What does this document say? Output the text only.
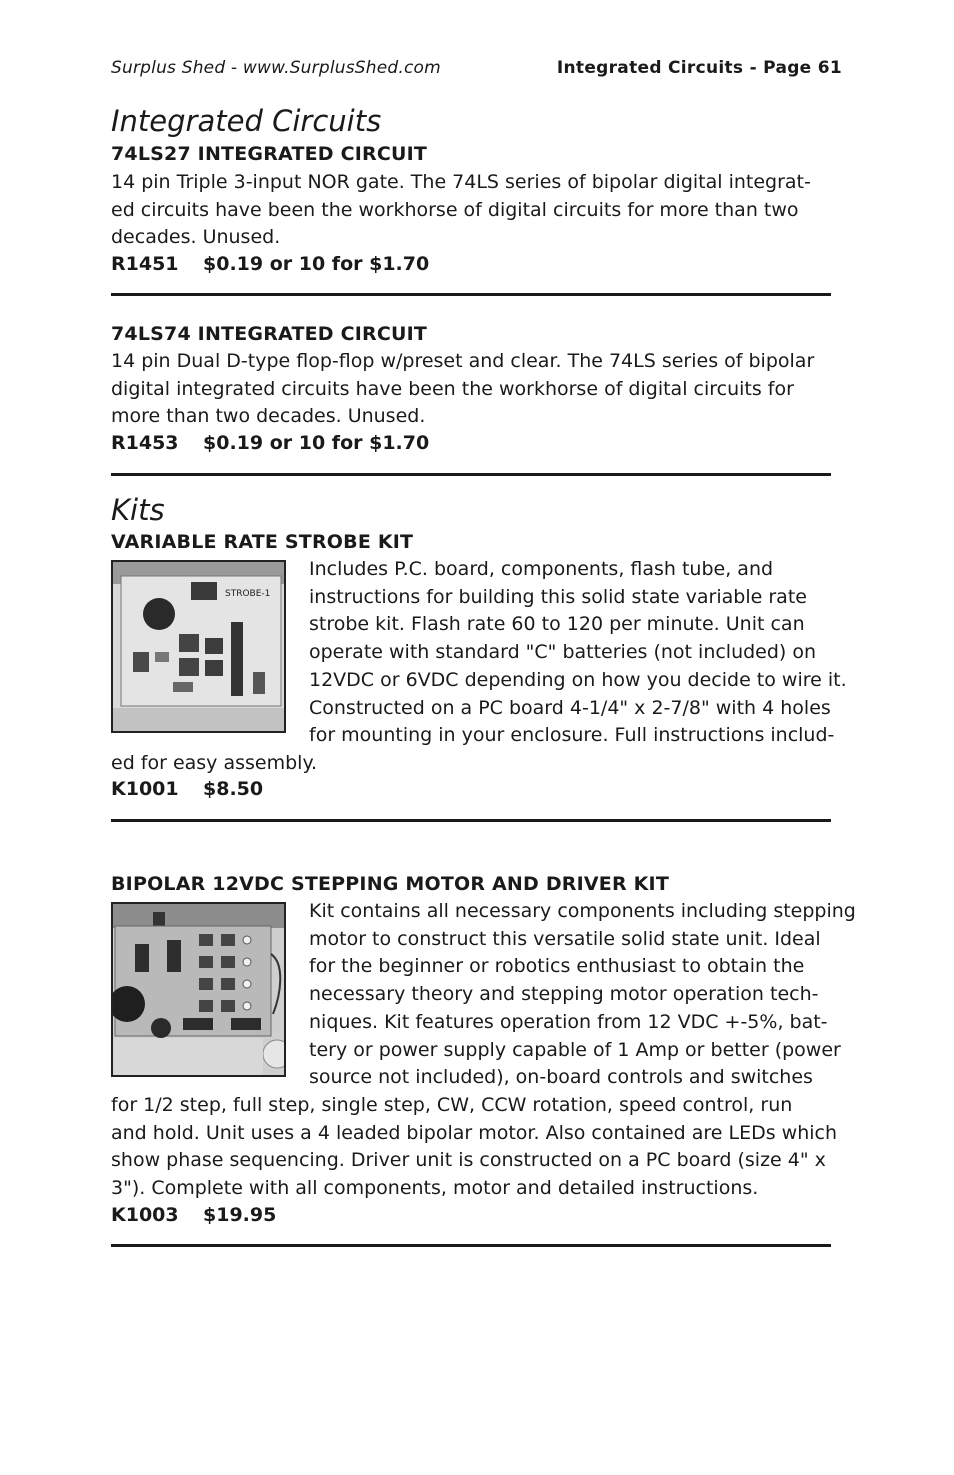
Surplus Shed - www.SurplusShed.com	Integrated Circuits - Page 61
Integrated Circuits
74LS27 INTEGRATED CIRCUIT
14 pin Triple 3-input NOR gate. The 74LS series of bipolar digital integrat-
ed circuits have been the workhorse of digital circuits for more than two
decades. Unused.
R1451 $0.19 or 10 for $1.70
74LS74 INTEGRATED CIRCUIT
14 pin Dual D-type flop-flop w/preset and clear. The 74LS series of bipolar
digital integrated circuits have been the workhorse of digital circuits for
more than two decades. Unused.
R1453 $0.19 or 10 for $1.70
Kits
VARIABLE RATE STROBE KIT
STROBE-1
Includes P.C. board, components, flash tube, and
instructions for building this solid state variable rate
strobe kit. Flash rate 60 to 120 per minute. Unit can
operate with standard "C" batteries (not included) on
12VDC or 6VDC depending on how you decide to wire it.
Constructed on a PC board 4-1/4" x 2-7/8" with 4 holes
for mounting in your enclosure. Full instructions includ-
ed for easy assembly.
K1001 $8.50
BIPOLAR 12VDC STEPPING MOTOR AND DRIVER KIT
Kit contains all necessary components including stepping
motor to construct this versatile solid state unit. Ideal
for the beginner or robotics enthusiast to obtain the
necessary theory and stepping motor operation tech-
niques. Kit features operation from 12 VDC +-5%, bat-
tery or power supply capable of 1 Amp or better (power
source not included), on-board controls and switches
for 1/2 step, full step, single step, CW, CCW rotation, speed control, run
and hold. Unit uses a 4 leaded bipolar motor. Also contained are LEDs which
show phase sequencing. Driver unit is constructed on a PC board (size 4" x
3"). Complete with all components, motor and detailed instructions.
K1003 $19.95
